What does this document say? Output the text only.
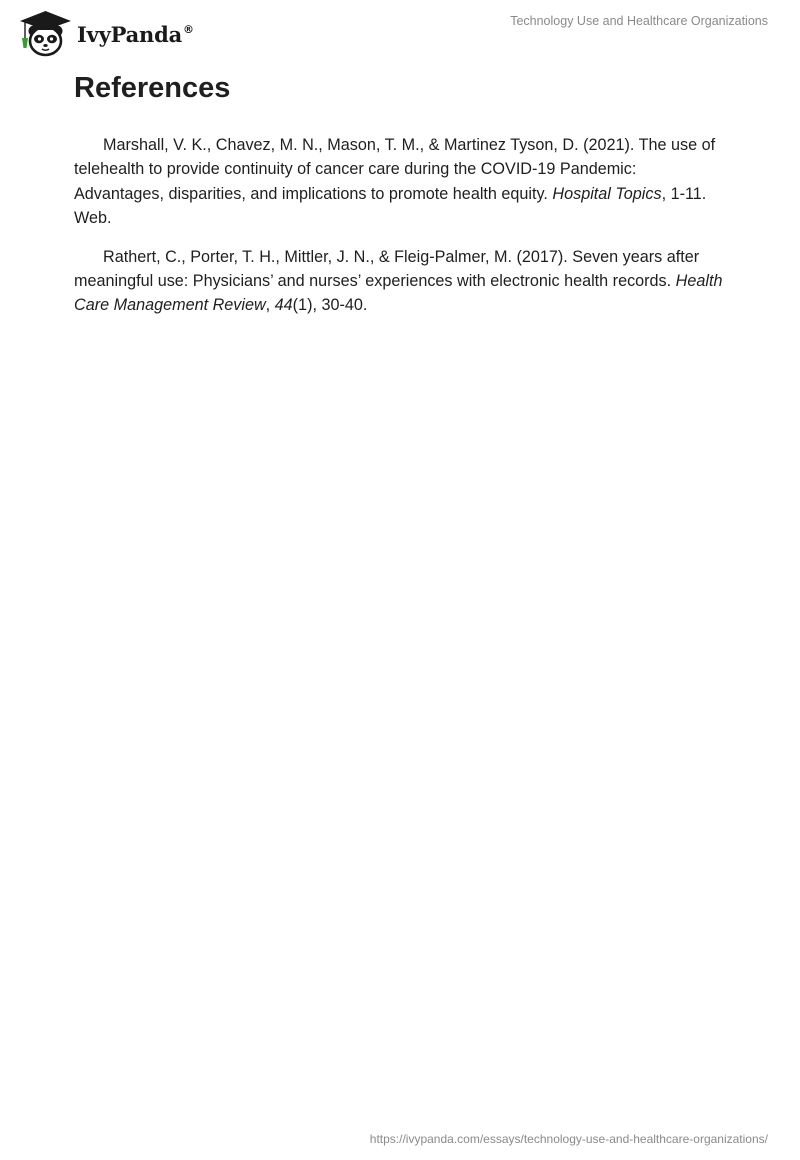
IvyPanda®
Technology Use and Healthcare Organizations
References

Marshall, V. K., Chavez, M. N., Mason, T. M., & Martinez Tyson, D. (2021). The use of telehealth to provide continuity of cancer care during the COVID-19 Pandemic: Advantages, disparities, and implications to promote health equity. Hospital Topics, 1-11. Web.

Rathert, C., Porter, T. H., Mittler, J. N., & Fleig-Palmer, M. (2017). Seven years after meaningful use: Physicians’ and nurses’ experiences with electronic health records. Health Care Management Review, 44(1), 30-40.

https://ivypanda.com/essays/technology-use-and-healthcare-organizations/
